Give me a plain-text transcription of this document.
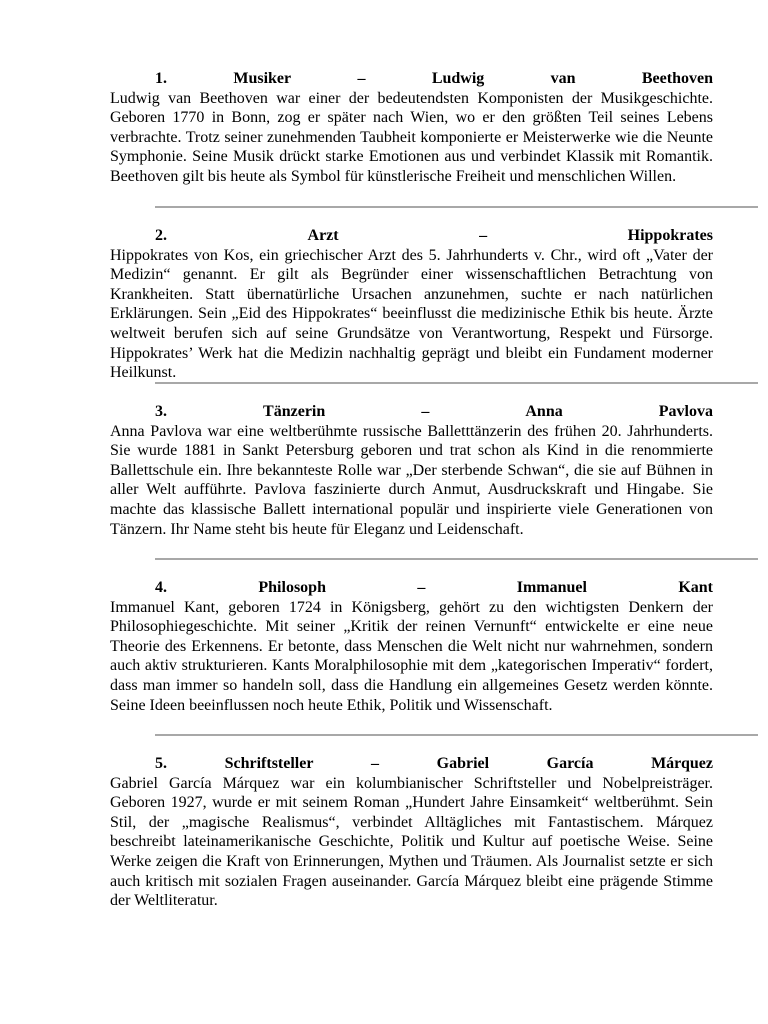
1.	Musiker	–	Ludwig	van	Beethoven

Ludwig van Beethoven war einer der bedeutendsten Komponisten der Musikgeschichte. Geboren 1770 in Bonn, zog er später nach Wien, wo er den größten Teil seines Lebens verbrachte. Trotz seiner zunehmenden Taubheit komponierte er Meisterwerke wie die Neunte Symphonie. Seine Musik drückt starke Emotionen aus und verbindet Klassik mit Romantik. Beethoven gilt bis heute als Symbol für künstlerische Freiheit und menschlichen Willen.

2.	Arzt	–	Hippokrates

Hippokrates von Kos, ein griechischer Arzt des 5. Jahrhunderts v. Chr., wird oft „Vater der Medizin“ genannt. Er gilt als Begründer einer wissenschaftlichen Betrachtung von Krankheiten. Statt übernatürliche Ursachen anzunehmen, suchte er nach natürlichen Erklärungen. Sein „Eid des Hippokrates“ beeinflusst die medizinische Ethik bis heute. Ärzte weltweit berufen sich auf seine Grundsätze von Verantwortung, Respekt und Fürsorge. Hippokrates’ Werk hat die Medizin nachhaltig geprägt und bleibt ein Fundament moderner Heilkunst.

3.	Tänzerin	–	Anna	Pavlova

Anna Pavlova war eine weltberühmte russische Balletttänzerin des frühen 20. Jahrhunderts. Sie wurde 1881 in Sankt Petersburg geboren und trat schon als Kind in die renommierte Ballettschule ein. Ihre bekannteste Rolle war „Der sterbende Schwan“, die sie auf Bühnen in aller Welt aufführte. Pavlova faszinierte durch Anmut, Ausdruckskraft und Hingabe. Sie machte das klassische Ballett international populär und inspirierte viele Generationen von Tänzern. Ihr Name steht bis heute für Eleganz und Leidenschaft.

4.	Philosoph	–	Immanuel	Kant

Immanuel Kant, geboren 1724 in Königsberg, gehört zu den wichtigsten Denkern der Philosophiegeschichte. Mit seiner „Kritik der reinen Vernunft“ entwickelte er eine neue Theorie des Erkennens. Er betonte, dass Menschen die Welt nicht nur wahrnehmen, sondern auch aktiv strukturieren. Kants Moralphilosophie mit dem „kategorischen Imperativ“ fordert, dass man immer so handeln soll, dass die Handlung ein allgemeines Gesetz werden könnte. Seine Ideen beeinflussen noch heute Ethik, Politik und Wissenschaft.

5.	Schriftsteller	–	Gabriel	García	Márquez

Gabriel García Márquez war ein kolumbianischer Schriftsteller und Nobelpreisträger. Geboren 1927, wurde er mit seinem Roman „Hundert Jahre Einsamkeit“ weltberühmt. Sein Stil, der „magische Realismus“, verbindet Alltägliches mit Fantastischem. Márquez beschreibt lateinamerikanische Geschichte, Politik und Kultur auf poetische Weise. Seine Werke zeigen die Kraft von Erinnerungen, Mythen und Träumen. Als Journalist setzte er sich auch kritisch mit sozialen Fragen auseinander. García Márquez bleibt eine prägende Stimme der Weltliteratur.
